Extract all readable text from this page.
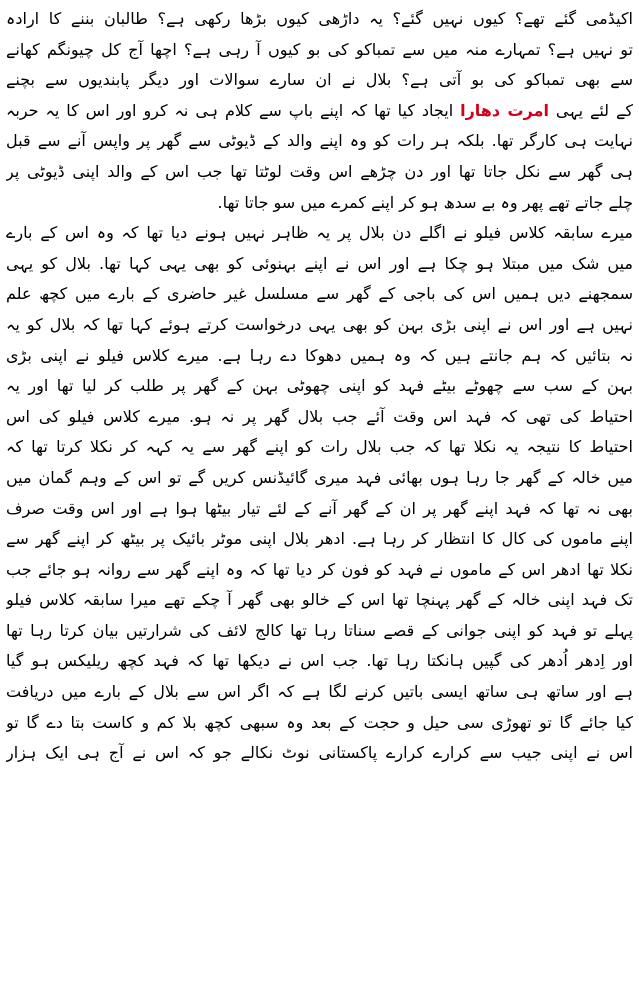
اکیڈمی گئے تھے؟ کیوں نہیں گئے؟ یہ داڑھی کیوں بڑھا رکھی ہے؟ طالبان بننے کا ارادہ
تو نہیں ہے؟ تمہارے منہ میں سے تمباکو کی بو کیوں آ رہی ہے؟ اچھا آج کل چیونگم کھانے
سے بھی تمباکو کی بو آتی ہے؟ بلال نے ان سارے سوالات اور دیگر پابندیوں سے بچنے
کے لئے یہی امرت دھارا ایجاد کیا تھا کہ اپنے باپ سے کلام ہی نہ کرو اور اس کا یہ حربہ
نہایت ہی کارگر تھا. بلکہ ہر رات کو وہ اپنے والد کے ڈیوٹی سے گھر پر واپس آنے سے قبل
ہی گھر سے نکل جاتا تھا اور دن چڑھے اس وقت لوٹتا تھا جب اس کے والد اپنی ڈیوٹی پر
چلے جاتے تھے پھر وہ بے سدھ ہو کر اپنے کمرے میں سو جاتا تھا.
میرے سابقہ کلاس فیلو نے اگلے دن بلال پر یہ ظاہر نہیں ہونے دیا تھا کہ وہ اس کے بارے
میں شک میں مبتلا ہو چکا ہے اور اس نے اپنے بہنوئی کو بھی یہی کہا تھا. بلال کو یہی
سمجھنے دیں ہمیں اس کی باجی کے گھر سے مسلسل غیر حاضری کے بارے میں کچھ علم
نہیں ہے اور اس نے اپنی بڑی بہن کو بھی یہی درخواست کرتے ہوئے کہا تھا کہ بلال کو یہ
نہ بتائیں کہ ہم جانتے ہیں کہ وہ ہمیں دھوکا دے رہا ہے. میرے کلاس فیلو نے اپنی بڑی
بہن کے سب سے چھوٹے بیٹے فہد کو اپنی چھوٹی بہن کے گھر پر طلب کر لیا تھا اور یہ
احتیاط کی تھی کہ فہد اس وقت آئے جب بلال گھر پر نہ ہو. میرے کلاس فیلو کی اس
احتیاط کا نتیجہ یہ نکلا تھا کہ جب بلال رات کو اپنے گھر سے یہ کہہ کر نکلا کرتا تھا کہ
میں خالہ کے گھر جا رہا ہوں بھائی فہد میری گائیڈنس کریں گے تو اس کے وہم گمان میں
بھی نہ تھا کہ فہد اپنے گھر پر ان کے گھر آنے کے لئے تیار بیٹھا ہوا ہے اور اس وقت صرف
اپنے ماموں کی کال کا انتظار کر رہا ہے. ادھر بلال اپنی موٹر بائیک پر بیٹھ کر اپنے گھر سے
نکلا تھا ادھر اس کے ماموں نے فہد کو فون کر دیا تھا کہ وہ اپنے گھر سے روانہ ہو جائے جب
تک فہد اپنی خالہ کے گھر پہنچا تھا اس کے خالو بھی گھر آ چکے تھے میرا سابقہ کلاس فیلو
پہلے تو فہد کو اپنی جوانی کے قصے سناتا رہا تھا کالج لائف کی شرارتیں بیان کرتا رہا تھا
اور اِدھر اُدھر کی گپیں ہانکتا رہا تھا. جب اس نے دیکھا تھا کہ فہد کچھ ریلیکس ہو گیا
ہے اور ساتھ ہی ساتھ ایسی باتیں کرنے لگا ہے کہ اگر اس سے بلال کے بارے میں دریافت
کیا جائے گا تو تھوڑی سی حیل و حجت کے بعد وہ سبھی کچھ بلا کم و کاست بتا دے گا تو
اس نے اپنی جیب سے کرارے کرارے پاکستانی نوٹ نکالے جو کہ اس نے آج ہی ایک ہزار
